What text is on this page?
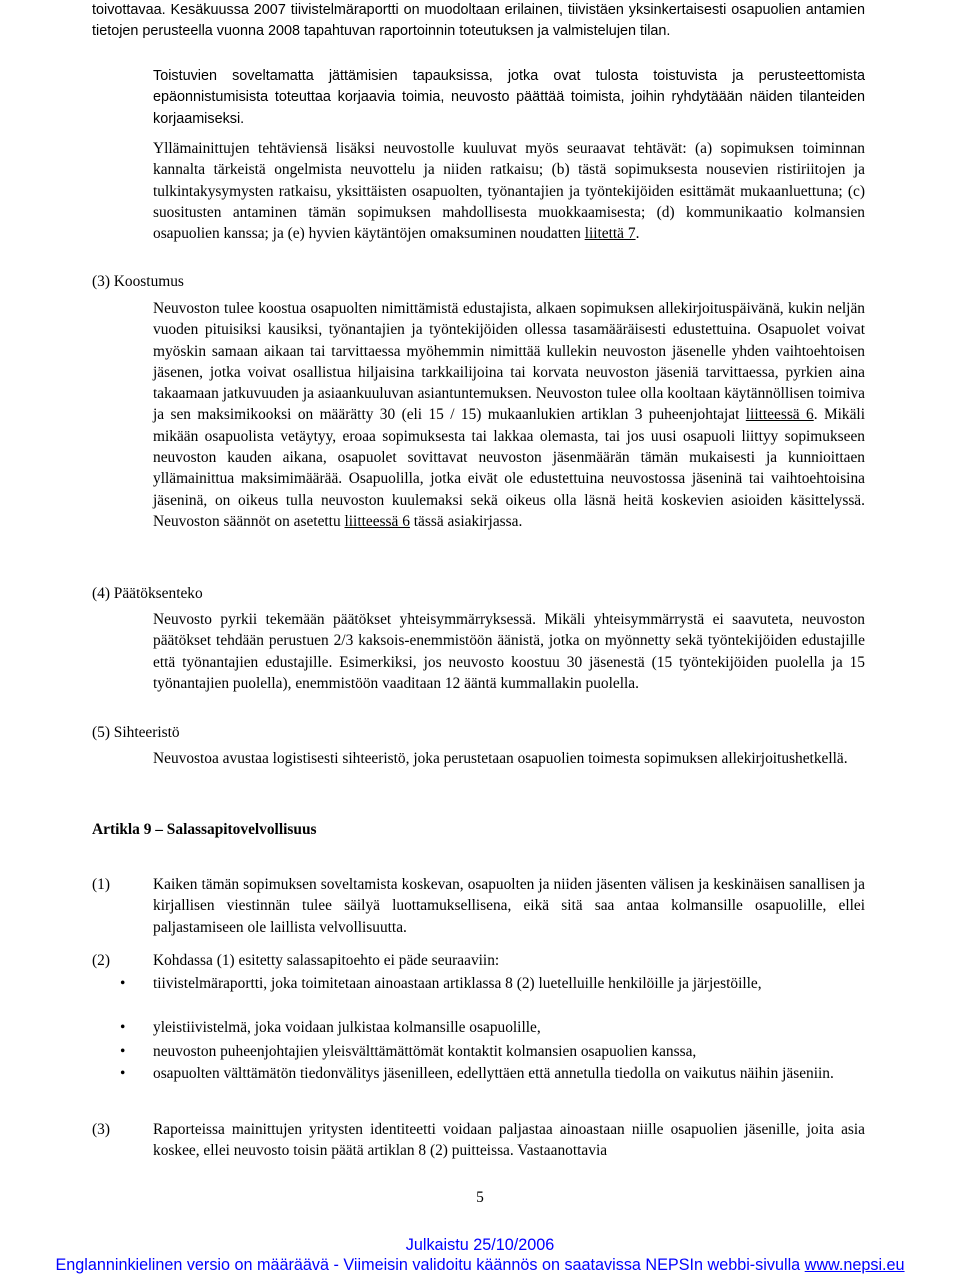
toivottavaa. Kesäkuussa 2007 tiivistelmäraportti on muodoltaan erilainen, tiivistäen yksinkertaisesti osapuolien antamien tietojen perusteella vuonna 2008 tapahtuvan raportoinnin toteutuksen ja valmistelujen tilan.
Toistuvien soveltamatta jättämisien tapauksissa, jotka ovat tulosta toistuvista ja perusteettomista epäonnistumisista toteuttaa korjaavia toimia, neuvosto päättää toimista, joihin ryhdytäään näiden tilanteiden korjaamiseksi.
Yllämainittujen tehtäviensä lisäksi neuvostolle kuuluvat myös seuraavat tehtävät: (a) sopimuksen toiminnan kannalta tärkeistä ongelmista neuvottelu ja niiden ratkaisu; (b) tästä sopimuksesta nousevien ristiriitojen ja tulkintakysymysten ratkaisu, yksittäisten osapuolten, työnantajien ja työntekijöiden esittämät mukaanluettuna; (c) suositusten antaminen tämän sopimuksen mahdollisesta muokkaamisesta; (d) kommunikaatio kolmansien osapuolien kanssa; ja (e) hyvien käytäntöjen omaksuminen noudatten liitettä 7.
(3) Koostumus
Neuvoston tulee koostua osapuolten nimittämistä edustajista, alkaen sopimuksen allekirjoituspäivänä, kukin neljän vuoden pituisiksi kausiksi, työnantajien ja työntekijöiden ollessa tasamääräisesti edustettuina. Osapuolet voivat myöskin samaan aikaan tai tarvittaessa myöhemmin nimittää kullekin neuvoston jäsenelle yhden vaihtoehtoisen jäsenen, jotka voivat osallistua hiljaisina tarkkailijoina tai korvata neuvoston jäseniä tarvittaessa, pyrkien aina takaamaan jatkuvuuden ja asiaankuuluvan asiantuntemuksen. Neuvoston tulee olla kooltaan käytännöllisen toimiva ja sen maksimikooksi on määrätty 30 (eli 15 / 15) mukaanlukien artiklan 3 puheenjohtajat liitteessä 6. Mikäli mikään osapuolista vetäytyy, eroaa sopimuksesta tai lakkaa olemasta, tai jos uusi osapuoli liittyy sopimukseen neuvoston kauden aikana, osapuolet sovittavat neuvoston jäsenmäärän tämän mukaisesti ja kunnioittaen yllämainittua maksimimäärää. Osapuolilla, jotka eivät ole edustettuina neuvostossa jäseninä tai vaihtoehtoisina jäseninä, on oikeus tulla neuvoston kuulemaksi sekä oikeus olla läsnä heitä koskevien asioiden käsittelyssä. Neuvoston säännöt on asetettu liitteessä 6 tässä asiakirjassa.
(4) Päätöksenteko
Neuvosto pyrkii tekemään päätökset yhteisymmärryksessä. Mikäli yhteisymmärrystä ei saavuteta, neuvoston päätökset tehdään perustuen 2/3 kaksois-enemmistöön äänistä, jotka on myönnetty sekä työntekijöiden edustajille että työnantajien edustajille. Esimerkiksi, jos neuvosto koostuu 30 jäsenestä (15 työntekijöiden puolella ja 15 työnantajien puolella), enemmistöön vaaditaan 12 ääntä kummallakin puolella.
(5) Sihteeristö
Neuvostoa avustaa logistisesti sihteeristö, joka perustetaan osapuolien toimesta sopimuksen allekirjoitushetkellä.
Artikla 9 – Salassapitovelvollisuus
(1)	Kaiken tämän sopimuksen soveltamista koskevan, osapuolten ja niiden jäsenten välisen ja keskinäisen sanallisen ja kirjallisen viestinnän tulee säilyä luottamuksellisena, eikä sitä saa antaa kolmansille osapuolille, ellei paljastamiseen ole laillista velvollisuutta.
(2)	Kohdassa (1) esitetty salassapitoehto ei päde seuraaviin:
• tiivistelmäraportti, joka toimitetaan ainoastaan artiklassa 8 (2) luetelluille henkilöille ja järjestöille,
• yleistiivistelmä, joka voidaan julkistaa kolmansille osapuolille,
• neuvoston puheenjohtajien yleisvälttämättömät kontaktit kolmansien osapuolien kanssa,
• osapuolten välttämätön tiedonvälitys jäsenilleen, edellyttäen että annetulla tiedolla on vaikutus näihin jäseniin.
(3)	Raporteissa mainittujen yritysten identiteetti voidaan paljastaa ainoastaan niille osapuolien jäsenille, joita asia koskee, ellei neuvosto toisin päätä artiklan 8 (2) puitteissa. Vastaanottavia
5
Julkaistu 25/10/2006
Englanninkielinen versio on määräävä - Viimeisin validoitu käännös on saatavissa NEPSIn webbi-sivulla www.nepsi.eu
